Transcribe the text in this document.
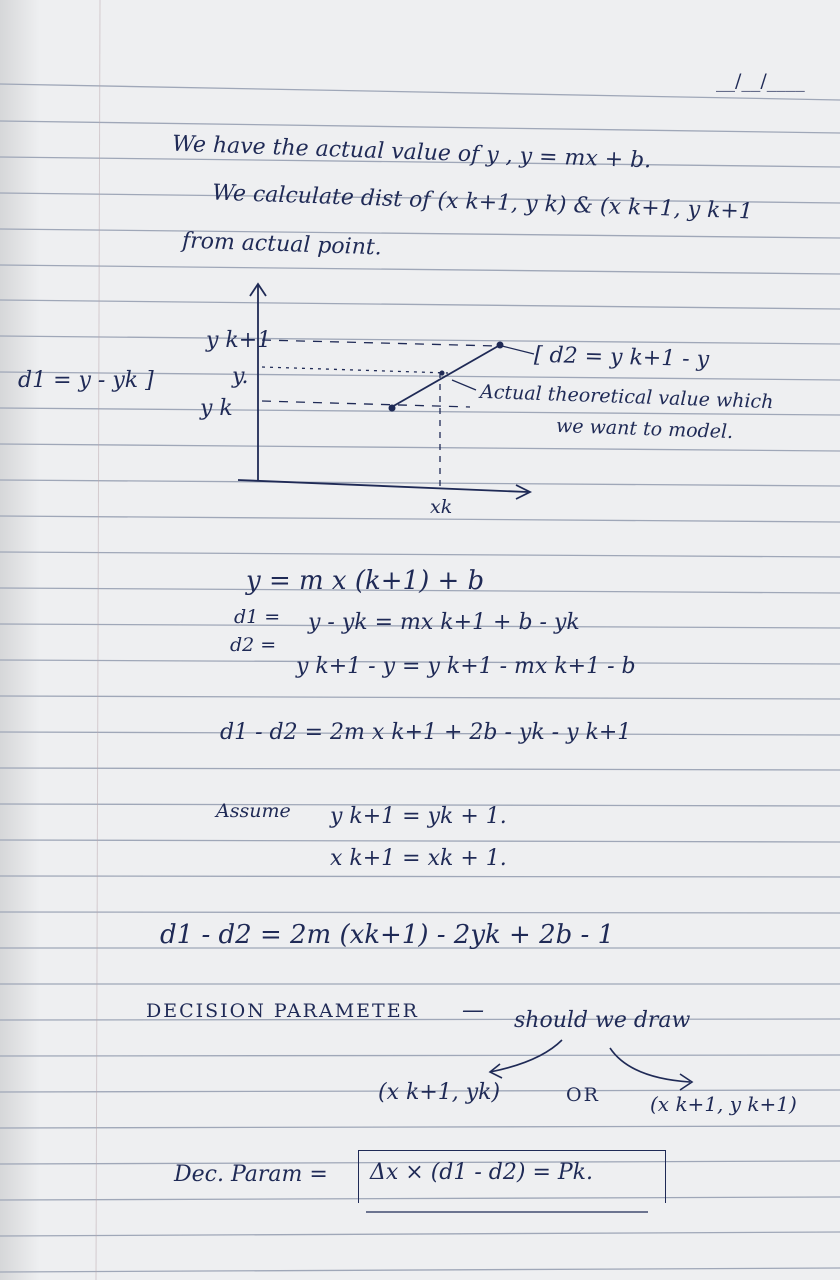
__/__/____
We have the actual value of y , y = mx + b.
We calculate dist of (x k+1, y k) & (x k+1, y k+1
from actual point.
y k+1
y.
y k
xk
d1 = y - yk ]
[ d2 = y k+1 - y
Actual theoretical value which
we want to model.
y = m x (k+1) + b
d1 = y - yk = mx k+1 + b - yk
d2 =
y k+1 - y = y k+1 - mx k+1 - b
d1 - d2 = 2m x k+1 + 2b - yk - y k+1
Assume y k+1 = yk + 1.
x k+1 = xk + 1.
d1 - d2 = 2m (xk+1) - 2yk + 2b - 1
DECISION PARAMETER — should we draw
(x k+1, yk)	OR	(x k+1, y k+1)
Dec. Param = Δx × (d1 - d2) = Pk.
